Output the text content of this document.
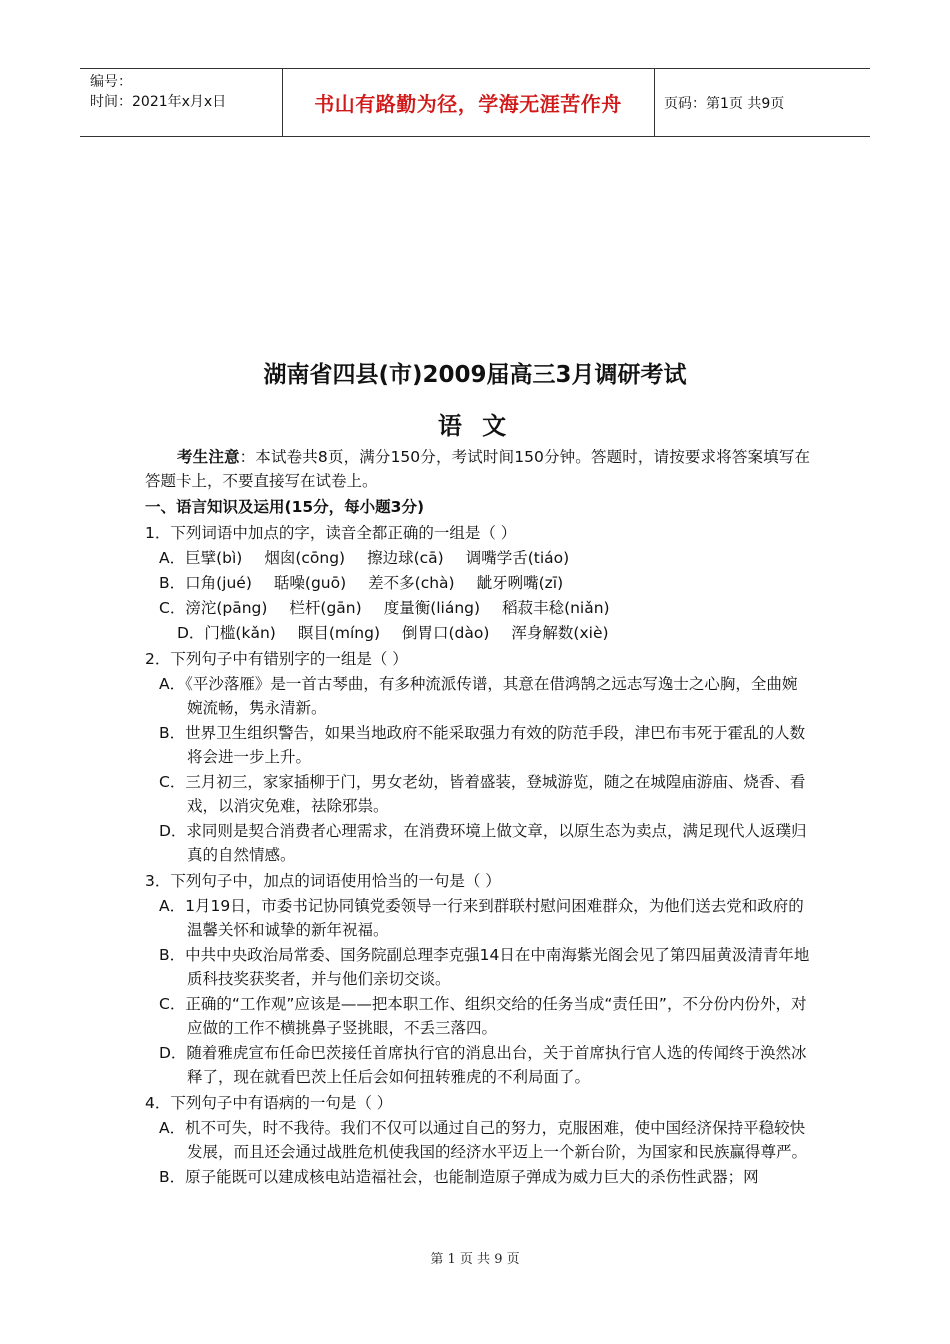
编号：
时间：2021年x月x日	书山有路勤为径，学海无涯苦作舟	页码：第1页 共9页
湖南省四县(市)2009届高三3月调研考试
语 文
考生注意：本试卷共8页，满分150分，考试时间150分钟。答题时，请按要求将答案填写在答题卡上，不要直接写在试卷上。
一、语言知识及运用(15分，每小题3分)
1．下列词语中加点的字，读音全都正确的一组是（ ）
A．巨擘(bì) 烟囱(cōng) 擦边球(cā) 调嘴学舌(tiáo)
B．口角(jué) 聒噪(guō) 差不多(chà) 龇牙咧嘴(zī)
C．滂沱(pāng) 栏杆(gān) 度量衡(liáng) 稻菽丰稔(niǎn)
D．门槛(kǎn) 瞑目(míng) 倒胃口(dào) 浑身解数(xiè)
2．下列句子中有错别字的一组是（ ）
A．《平沙落雁》是一首古琴曲，有多种流派传谱，其意在借鸿鹄之远志写逸士之心胸，全曲婉婉流畅，隽永清新。
B．世界卫生组织警告，如果当地政府不能采取强力有效的防范手段，津巴布韦死于霍乱的人数将会进一步上升。
C．三月初三，家家插柳于门，男女老幼，皆着盛装，登城游览，随之在城隍庙游庙、烧香、看戏，以消灾免难，祛除邪祟。
D．求同则是契合消费者心理需求，在消费环境上做文章，以原生态为卖点，满足现代人返璞归真的自然情感。
3．下列句子中，加点的词语使用恰当的一句是（ ）
A．1月19日，市委书记协同镇党委领导一行来到群联村慰问困难群众，为他们送去党和政府的温馨关怀和诚挚的新年祝福。
B．中共中央政治局常委、国务院副总理李克强14日在中南海紫光阁会见了第四届黄汲清青年地质科技奖获奖者，并与他们亲切交谈。
C．正确的“工作观”应该是——把本职工作、组织交给的任务当成“责任田”，不分份内份外，对应做的工作不横挑鼻子竖挑眼，不丢三落四。
D．随着雅虎宣布任命巴茨接任首席执行官的消息出台，关于首席执行官人选的传闻终于涣然冰释了，现在就看巴茨上任后会如何扭转雅虎的不利局面了。
4．下列句子中有语病的一句是（ ）
A．机不可失，时不我待。我们不仅可以通过自己的努力，克服困难，使中国经济保持平稳较快发展，而且还会通过战胜危机使我国的经济水平迈上一个新台阶，为国家和民族赢得尊严。
B．原子能既可以建成核电站造福社会，也能制造原子弹成为威力巨大的杀伤性武器；网
第 1 页 共 9 页
